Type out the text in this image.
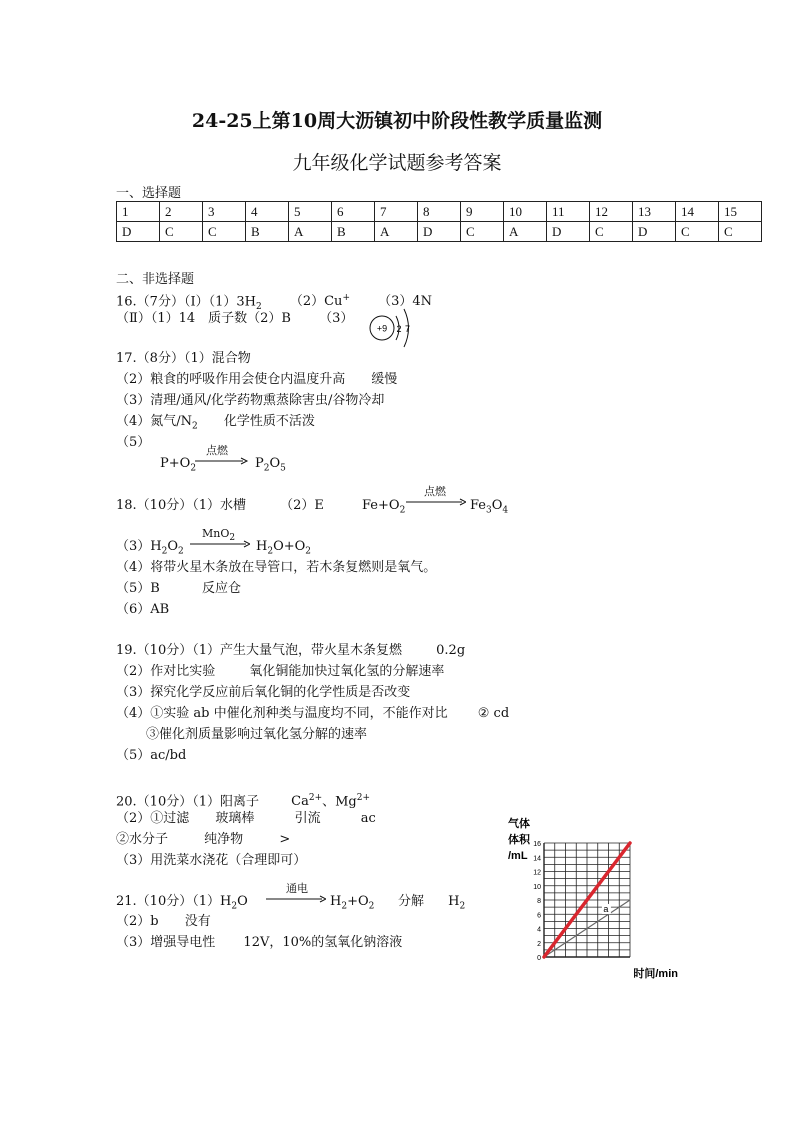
24-25上第10周大沥镇初中阶段性教学质量监测
九年级化学试题参考答案
一、选择题
1	2	3	4	5	6	7	8	9	10	11	12	13	14	15
D	C	C	B	A	B	A	D	C	A	D	C	D	C	C
二、非选择题
16.（7分）$(Ⅰ)(1)3H_2$ （2）Cu+ （3）4N
（Ⅱ）（1）14　质子数（2）B （3）
+9 2 7
17.（8分）（1）混合物
（2）粮食的呼吸作用会使仓内温度升高　　缓慢
（3）清理/通风/化学药物熏蒸除害虫/谷物冷却
（4）氮气$/N_2$ 化学性质不活泼
（5）
$P+O_2$
点燃
$P_2O_5$
18.（10分）（1）水槽	（2）E	$Fe+O_2$
点燃
$Fe_3O_4$
$(3)H_2O_2$
MnO$_2$
$H_2O+O_2$
（4）将带火星木条放在导管口，若木条复燃则是氧气。
（5）B	反应仓
（6）AB
19.（10分）（1）产生大量气泡，带火星木条复燃	0.2g
（2）作对比实验	氧化铜能加快过氧化氢的分解速率
（3）探究化学反应前后氧化铜的化学性质是否改变
（4）①实验 ab 中催化剂种类与温度均不同，不能作对比 ② cd
③催化剂质量影响过氧化氢分解的速率
（5）ac/bd
20.（10分）（1）阳离子 $Ca^{2+}$、$Mg^{2+}$
（2）①过滤 玻璃棒	引流	ac
②水分子	纯净物	>
（3）用洗菜水浇花（合理即可）
21.（10分）$(1)H_2O$
通电
$H_2+O_2$ 分解 $H_2$
（2）b 没有
（3）增强导电性 12V，10%的氢氧化钠溶液
气体
体积
/mL
0
2
4
6
8
10
12
14
16
a
时间/min
